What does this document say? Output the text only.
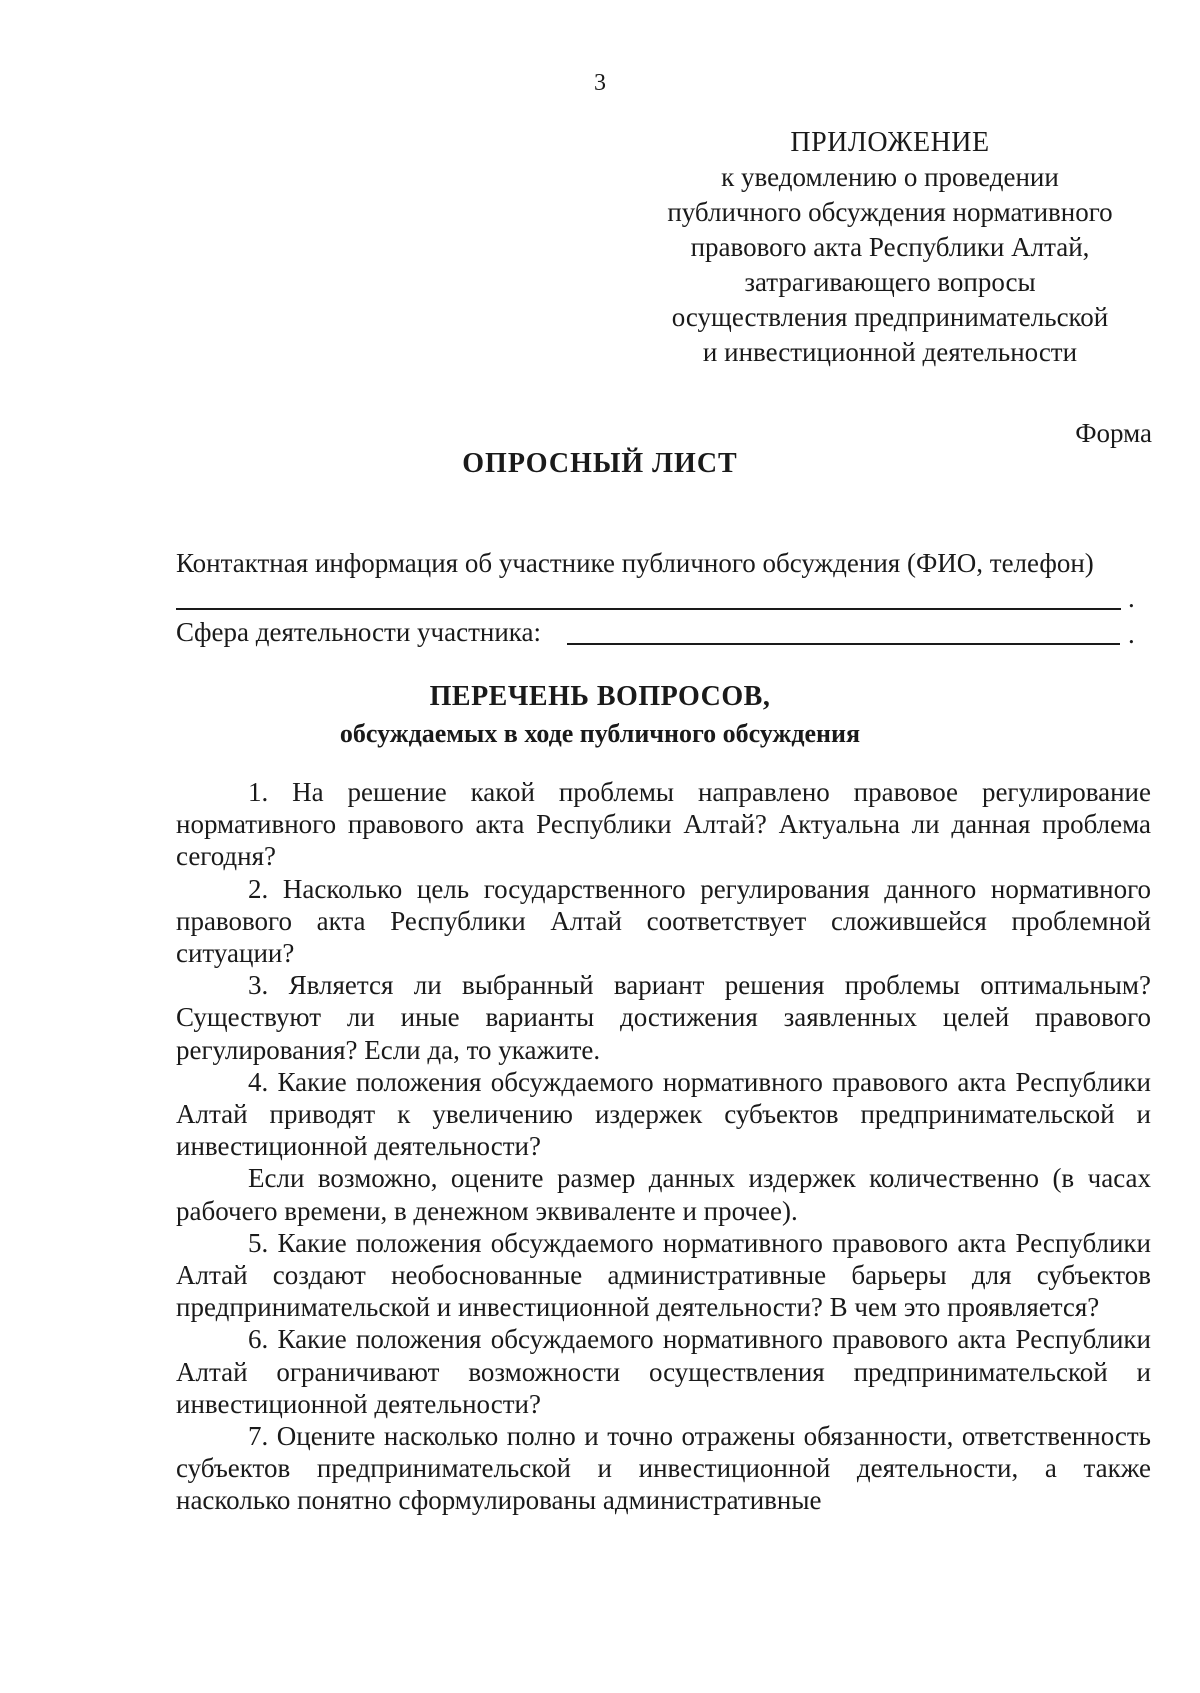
3
ПРИЛОЖЕНИЕ
к уведомлению о проведении
публичного обсуждения нормативного
правового акта Республики Алтай,
затрагивающего вопросы
осуществления предпринимательской
и инвестиционной деятельности
Форма
ОПРОСНЫЙ ЛИСТ
Контактная информация об участнике публичного обсуждения (ФИО, телефон)
.
Сфера деятельности участника:	.
ПЕРЕЧЕНЬ ВОПРОСОВ,
обсуждаемых в ходе публичного обсуждения

1. На решение какой проблемы направлено правовое регулирование нормативного правового акта Республики Алтай? Актуальна ли данная проблема сегодня?

2. Насколько цель государственного регулирования данного нормативного правового акта Республики Алтай соответствует сложившейся проблемной ситуации?

3. Является ли выбранный вариант решения проблемы оптимальным? Существуют ли иные варианты достижения заявленных целей правового регулирования? Если да, то укажите.

4. Какие положения обсуждаемого нормативного правового акта Республики Алтай приводят к увеличению издержек субъектов предпринимательской и инвестиционной деятельности?

Если возможно, оцените размер данных издержек количественно (в часах рабочего времени, в денежном эквиваленте и прочее).

5. Какие положения обсуждаемого нормативного правового акта Республики Алтай создают необоснованные административные барьеры для субъектов предпринимательской и инвестиционной деятельности? В чем это проявляется?

6. Какие положения обсуждаемого нормативного правового акта Республики Алтай ограничивают возможности осуществления предпринимательской и инвестиционной деятельности?

7. Оцените насколько полно и точно отражены обязанности, ответственность субъектов предпринимательской и инвестиционной деятельности, а также насколько понятно сформулированы административные
